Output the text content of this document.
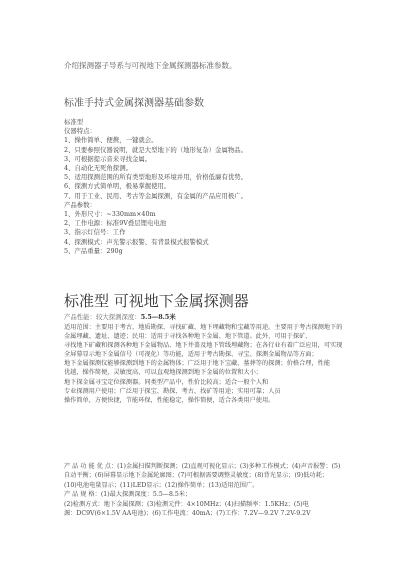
介绍探测器子导系与可视地下金属探测器标准参数。
标准手持式金属探测器基础参数
标准型
仪器特点：
1、操作简单、便携，一键就会。
2、只要参照仪器说明，就是大型地下的（地形复杂）金属物品。
3、可根据提示音来寻找金属。
4、自动化无死角探测。
5、适用探测范围的所有类型地形及环境并用，价格低廉有优势。
6、探测方式简单明，极易掌握使用。
7、用于工业、民用、考古等金属探测，有金属的产品应用极广。
产品参数：
1、外形尺寸：~330mm×40m
2、工作电源：标准9V叠层锂电电池
3、指示灯信号：工作
4、探测模式：声光警示报警、有背景模式报警模式
5、产品重量：290g
标准型 可视地下金属探测器
产品性能：较大探测深度：5.5—8.5米
适用范围：主要用于考古、地质勘探、寻找矿藏、地下埋藏物和宝藏等用途。主要用于考古探测地下的
金属埋藏、遗址、遗迹；民用：适用于寻找各种地下金属、地下管道。此外，可用于探矿、
寻找地下矿藏和探测各种地下金属物品、地下井盖及地下管线埋藏物；在各行业有着广泛应用，可实现
全屏幕显示地下金属信号（可视化）等功能，适用于考古勘探、寻宝、探测金属物品等方面；
地下金属探测仪能够探测到地下的金属物体；广泛用于地下宝藏、墓葬等的探测；价格合理，性能
优越，操作简便，灵敏度高，可以直观地探测到地下金属的位置和大小；
地下探金属寻宝定位探测器。同类型产品中，性价比较高；适合一般个人和
专业探测用户使用；广泛用于探宝、勘探、考古、找矿等用途；实用可靠；人员
操作简单，方便快捷，节能环保，性能稳定，操作简便，适合各类用户使用。
产 品 功 能 优 点：(1)金属扫描判断探测；(2)直观可视化显示；(3)多种工作模式；(4)声音报警；(5)
自动平衡；(6)屏幕显示地下金属轮廓图；(7)可根据需要调整灵敏度；(8)背光显示；(9)低功耗；
(10)电池电量显示；(11)LED显示；(12)操作简单；(13)适用范围广。
产 品 规 格：(1)最大探测深度：5.5—8.5米；
(2)检测方式：地下金属探测；(3)检测元件：4×10MHz；(4)扫描频率：1.5KHz；(5)电
源：DC9V(6×1.5V AA电池)；(6)工作电流：40mA；(7)工作：7.2V—9.2V 7.2V-9.2V
